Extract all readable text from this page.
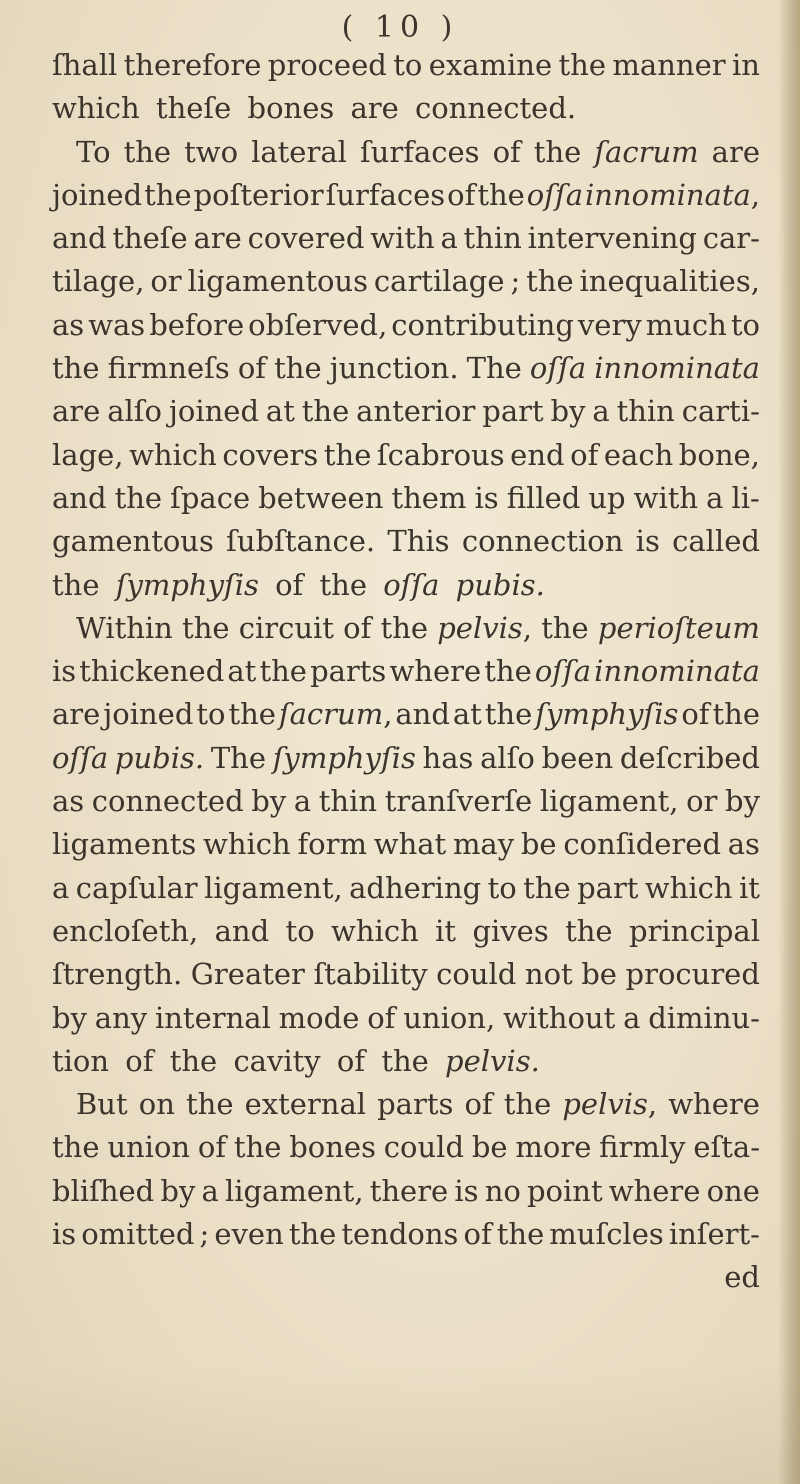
( 10 )
ſhall therefore proceed to examine the manner in
which theſe bones are connected.
To the two lateral ſurfaces of the ſacrum are
joined the poſterior ſurfaces of the oſſa innominata,
and theſe are covered with a thin intervening car-
tilage, or ligamentous cartilage ; the inequalities,
as was before obſerved, contributing very much to
the firmneſs of the junction. The oſſa innominata
are alſo joined at the anterior part by a thin carti-
lage, which covers the ſcabrous end of each bone,
and the ſpace between them is filled up with a li-
gamentous ſubſtance. This connection is called
the ſymphyſis of the oſſa pubis.
Within the circuit of the pelvis, the perioſteum
is thickened at the parts where the oſſa innominata
are joined to the ſacrum, and at the ſymphyſis of the
oſſa pubis. The ſymphyſis has alſo been deſcribed
as connected by a thin tranſverſe ligament, or by
ligaments which form what may be conſidered as
a capſular ligament, adhering to the part which it
encloſeth, and to which it gives the principal
ſtrength. Greater ſtability could not be procured
by any internal mode of union, without a diminu-
tion of the cavity of the pelvis.
But on the external parts of the pelvis, where
the union of the bones could be more firmly eſta-
bliſhed by a ligament, there is no point where one
is omitted ; even the tendons of the muſcles inſert-
ed
